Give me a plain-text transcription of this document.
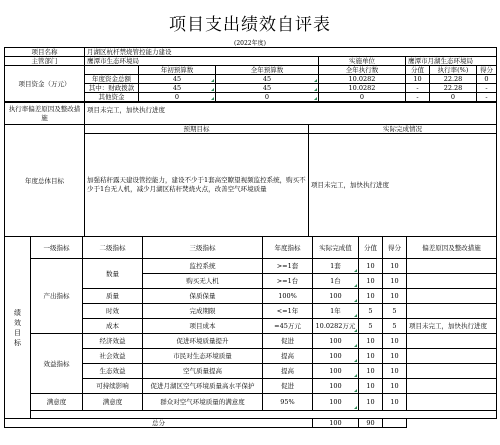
项目支出绩效自评表
(2022年度)
项目名称	月湖区杭杆禁烧管控能力建设						
主管部门	鹰潭市生态环境局			实施单位	鹰潭市月湖生态环境局		
项目资金（万元）		年初预算数	全年预算数	全年执行数	分值	执行率(%)	得分
	年度资金总额	45	45	10.0282	10	22.28	0
	其中：财政拨款	45	45	10.0282	-	22.28	-
	其他资金	0	0	0	-	0	-
执行率偏差原因及整改措施	项目未完工，加快执行进度
年度总体目标	预期目标	实际完成情况
	加强秸秆露天建设管控能力，建设不少于1套高空瞭望视频监控系统，购买不少于1台无人机，减少月湖区秸秆焚烧火点，改善空气环境质量	项目未完工，加快执行进度
绩效目标	一级指标	二级指标	三级指标	年度指标	实际完成值	分值	得分	偏差原因及整改措施
	产出指标	数量	监控系统	>=1套	1套	10	10	
			购买无人机	>=1台	1台	10	10	
		质量	保质保量	100%	100	10	10	
		时效	完成期限	<=1年	1年	5	5	
		成本	项目成本	=45万元	10.0282万元	5	5	项目未完工，加快执行进度
	效益指标	经济效益	促进环境质量提升	促进	100	10	10	
		社会效益	市民对生态环境质量	提高	100	10	10	
		生态效益	空气质量提高	提高	100	10	10	
		可持续影响	促进月湖区空气环境质量高水平保护	促进	100	10	10	
	满意度	满意度	群众对空气环境质量的满意度	95%	100	10	10	

总分					100	90		
